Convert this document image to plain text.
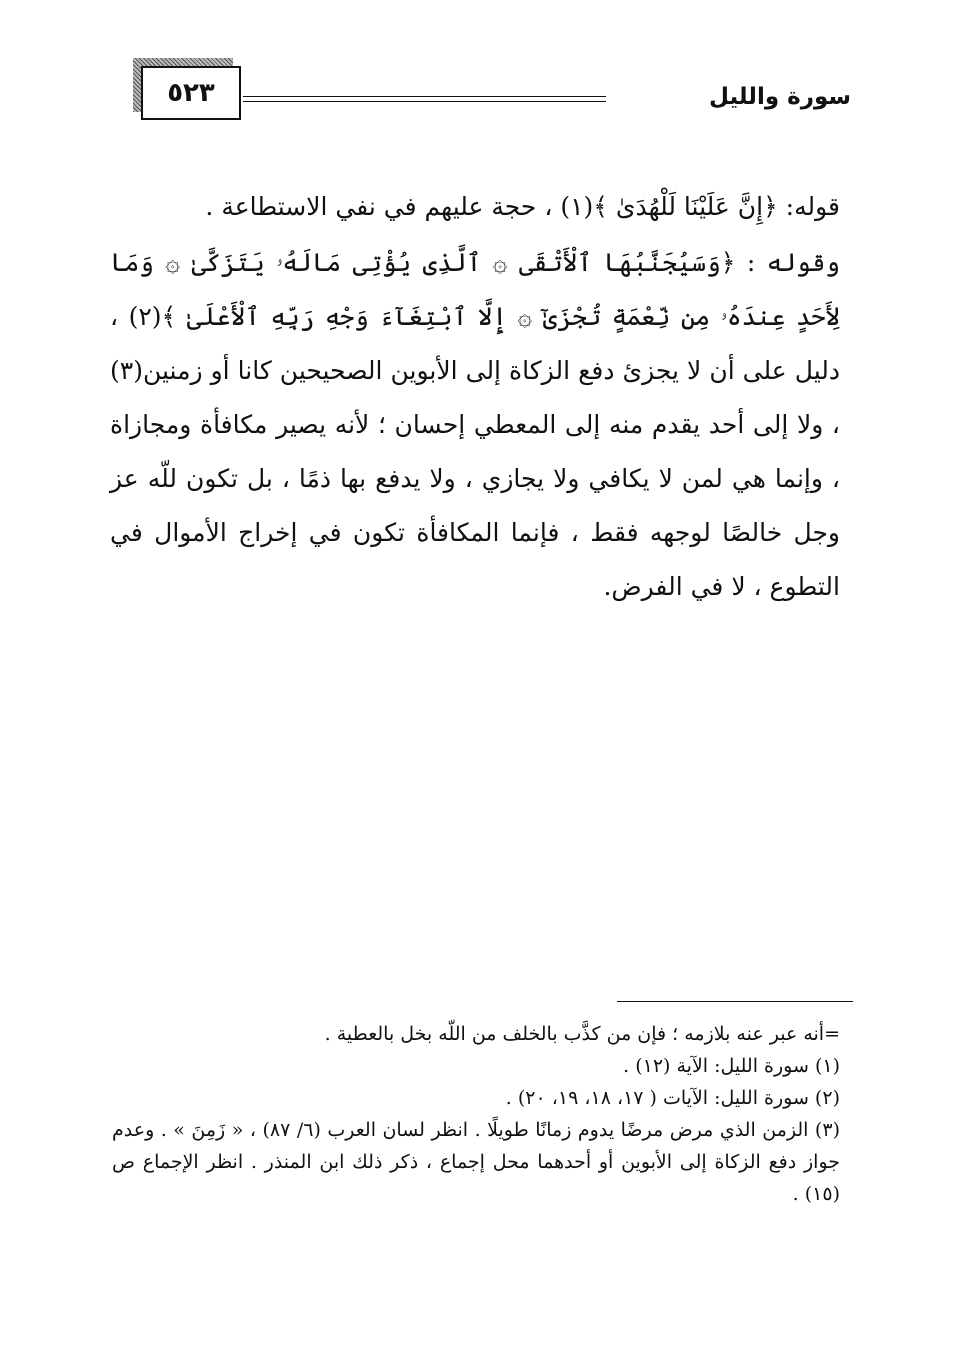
٥٢٣	سورة والليل

قوله: ﴿إِنَّ عَلَيْنَا لَلْهُدَىٰ ﴾(١) ، حجة عليهم في نفي الاستطاعة .

وقوله : ﴿وَسَيُجَنَّبُهَا ٱلْأَتْقَى ۞ ٱلَّذِى يُؤْتِى مَالَهُۥ يَتَزَكَّىٰ ۞ وَمَا لِأَحَدٍ عِندَهُۥ مِن نِّعْمَةٍ تُجْزَىٰٓ ۞ إِلَّا ٱبْتِغَآءَ وَجْهِ رَبِّهِ ٱلْأَعْلَىٰ ﴾(٢) ، دليل على أن لا يجزئ دفع الزكاة إلى الأبوين الصحيحين كانا أو زمنين(٣) ، ولا إلى أحد يقدم منه إلى المعطي إحسان ؛ لأنه يصير مكافأة ومجازاة ، وإنما هي لمن لا يكافي ولا يجازي ، ولا يدفع بها ذمًا ، بل تكون للّه عز وجل خالصًا لوجهه فقط ، فإنما المكافأة تكون في إخراج الأموال في التطوع ، لا في الفرض.

=أنه عبر عنه بلازمه ؛ فإن من كذَّب بالخلف من اللّه بخل بالعطية .

(١) سورة الليل: الآية (١٢) .

(٢) سورة الليل: الآيات ( ١٧، ١٨، ١٩، ٢٠) .

(٣) الزمن الذي مرض مرضًا يدوم زمانًا طويلًا . انظر لسان العرب (٦/ ٨٧) ، « زَمِنَ » . وعدم جواز دفع الزكاة إلى الأبوين أو أحدهما محل إجماع ، ذكر ذلك ابن المنذر . انظر الإجماع ص (١٥) .
